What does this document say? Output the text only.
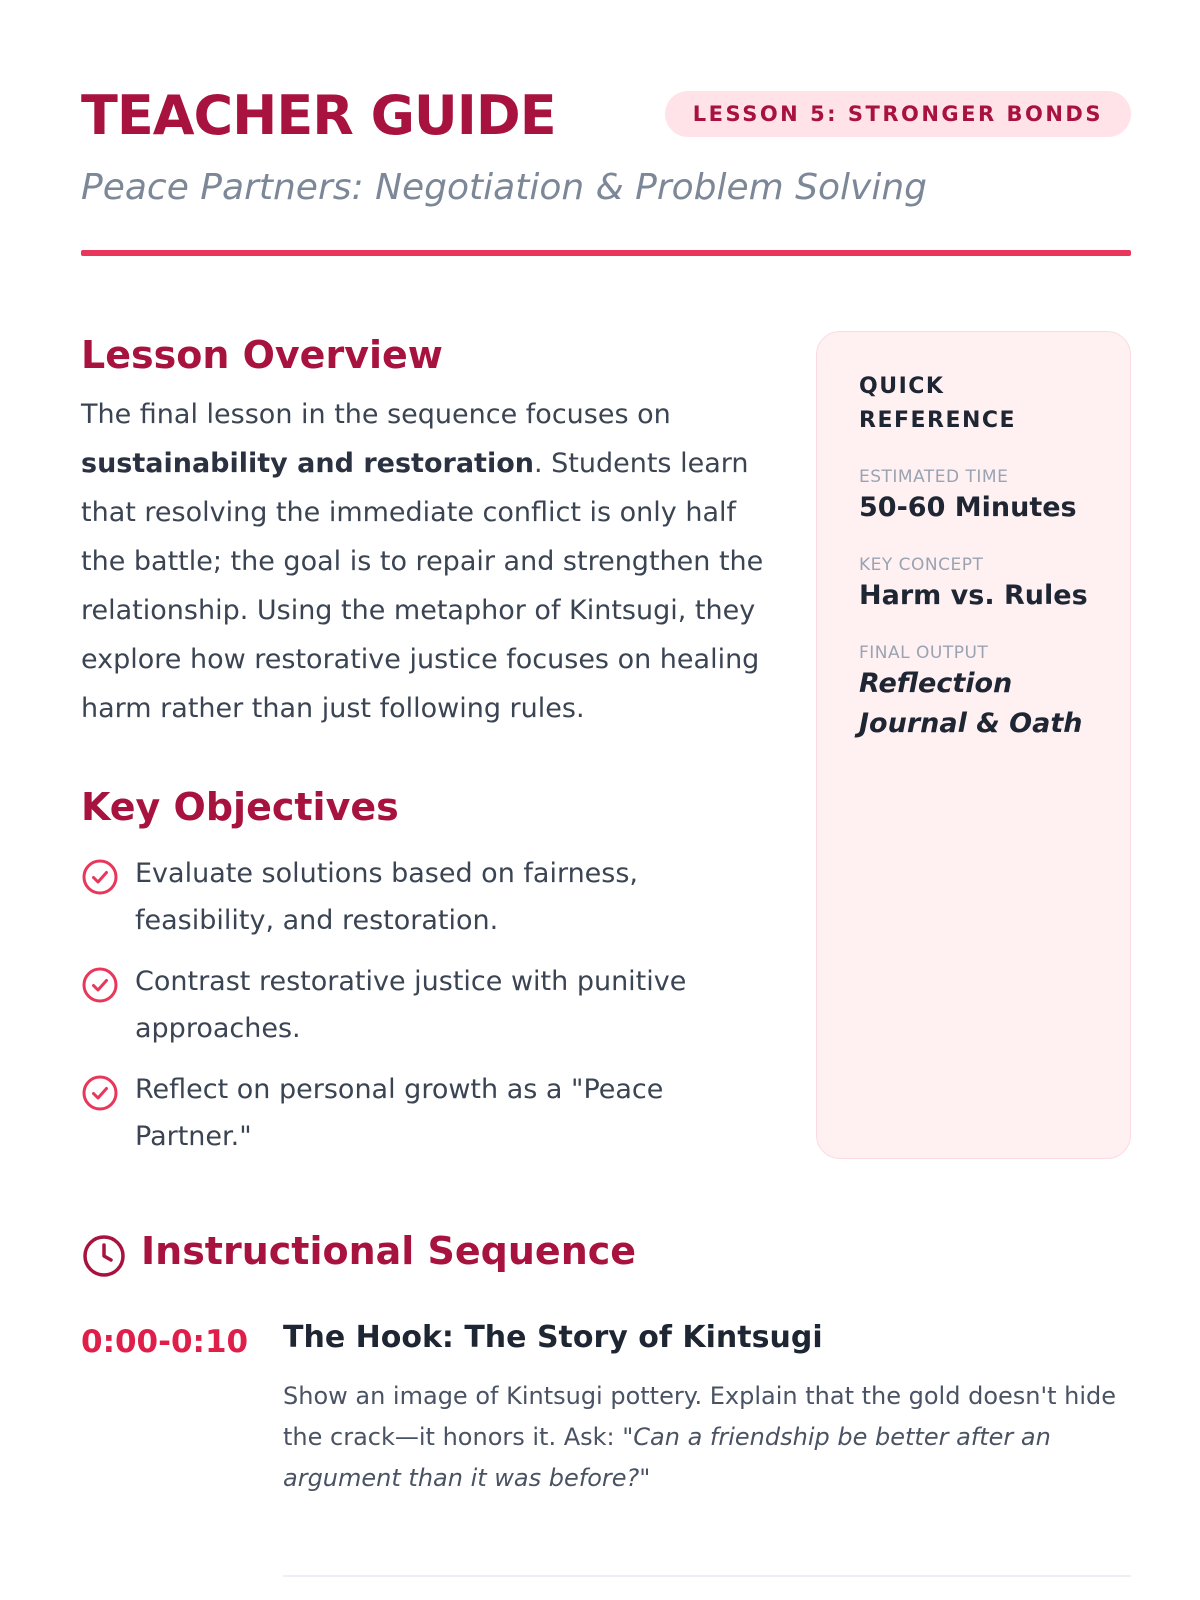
TEACHER GUIDE	LESSON 5: STRONGER BONDS
Peace Partners: Negotiation & Problem Solving
Lesson Overview

The final lesson in the sequence focuses on sustainability and restoration. Students learn that resolving the immediate conflict is only half the battle; the goal is to repair and strengthen the relationship. Using the metaphor of Kintsugi, they explore how restorative justice focuses on healing harm rather than just following rules.

Key Objectives
Evaluate solutions based on fairness, feasibility, and restoration.
Contrast restorative justice with punitive approaches.
Reflect on personal growth as a "Peace Partner."
QUICK REFERENCE
ESTIMATED TIME
50-60 Minutes
KEY CONCEPT
Harm vs. Rules
FINAL OUTPUT
Reflection Journal & Oath
Instructional Sequence
0:00-0:10 The Hook: The Story of Kintsugi

Show an image of Kintsugi pottery. Explain that the gold doesn't hide the crack—it honors it. Ask: "Can a friendship be better after an argument than it was before?"
